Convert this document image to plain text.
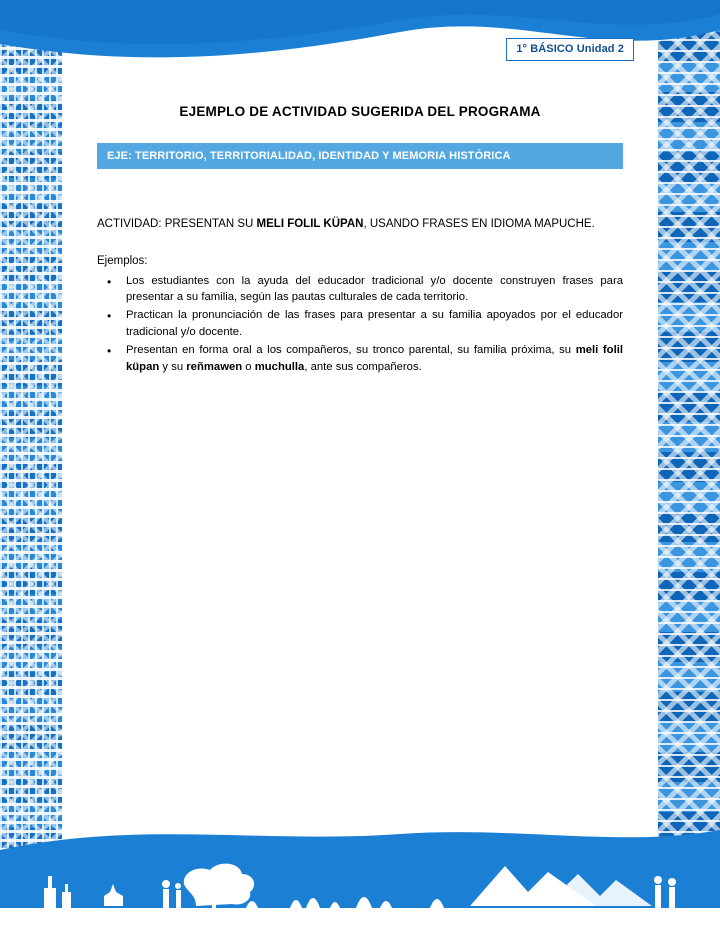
1° BÁSICO Unidad 2
EJEMPLO DE ACTIVIDAD SUGERIDA DEL PROGRAMA
EJE: TERRITORIO, TERRITORIALIDAD, IDENTIDAD Y MEMORIA HISTÓRICA
ACTIVIDAD: PRESENTAN SU MELI FOLIL KÜPAN, USANDO FRASES EN IDIOMA MAPUCHE.
Ejemplos:
• Los estudiantes con la ayuda del educador tradicional y/o docente construyen frases para presentar a su familia, según las pautas culturales de cada territorio.
• Practican la pronunciación de las frases para presentar a su familia apoyados por el educador tradicional y/o docente.
• Presentan en forma oral a los compañeros, su tronco parental, su familia próxima, su meli folil küpan y su reñmawen o muchulla, ante sus compañeros.
